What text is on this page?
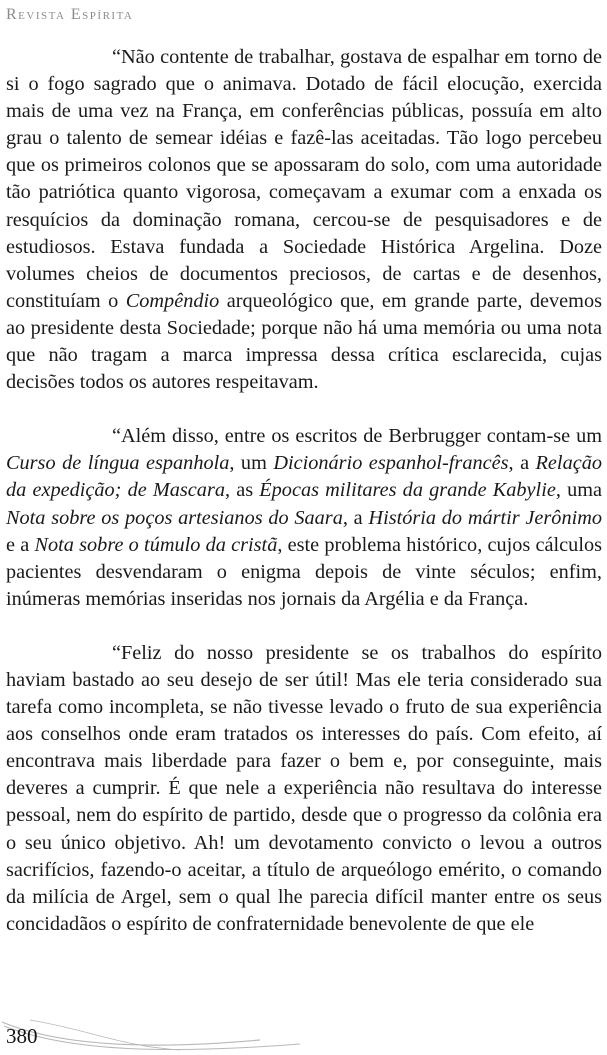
Revista Espírita

“Não contente de trabalhar, gostava de espalhar em torno de si o fogo sagrado que o animava. Dotado de fácil elocução, exercida mais de uma vez na França, em conferências públicas, possuía em alto grau o talento de semear idéias e fazê-las aceitadas. Tão logo percebeu que os primeiros colonos que se apossaram do solo, com uma autoridade tão patriótica quanto vigorosa, começavam a exumar com a enxada os resquícios da dominação romana, cercou-se de pesquisadores e de estudiosos. Estava fundada a Sociedade Histórica Argelina. Doze volumes cheios de documentos preciosos, de cartas e de desenhos, constituíam o Compêndio arqueológico que, em grande parte, devemos ao presidente desta Sociedade; porque não há uma memória ou uma nota que não tragam a marca impressa dessa crítica esclarecida, cujas decisões todos os autores respeitavam.

“Além disso, entre os escritos de Berbrugger contam-se um Curso de língua espanhola, um Dicionário espanhol-francês, a Relação da expedição; de Mascara, as Épocas militares da grande Kabylie, uma Nota sobre os poços artesianos do Saara, a História do mártir Jerônimo e a Nota sobre o túmulo da cristã, este problema histórico, cujos cálculos pacientes desvendaram o enigma depois de vinte séculos; enfim, inúmeras memórias inseridas nos jornais da Argélia e da França.

“Feliz do nosso presidente se os trabalhos do espírito haviam bastado ao seu desejo de ser útil! Mas ele teria considerado sua tarefa como incompleta, se não tivesse levado o fruto de sua experiência aos conselhos onde eram tratados os interesses do país. Com efeito, aí encontrava mais liberdade para fazer o bem e, por conseguinte, mais deveres a cumprir. É que nele a experiência não resultava do interesse pessoal, nem do espírito de partido, desde que o progresso da colônia era o seu único objetivo. Ah! um devotamento convicto o levou a outros sacrifícios, fazendo-o aceitar, a título de arqueólogo emérito, o comando da milícia de Argel, sem o qual lhe parecia difícil manter entre os seus concidadãos o espírito de confraternidade benevolente de que ele

380
